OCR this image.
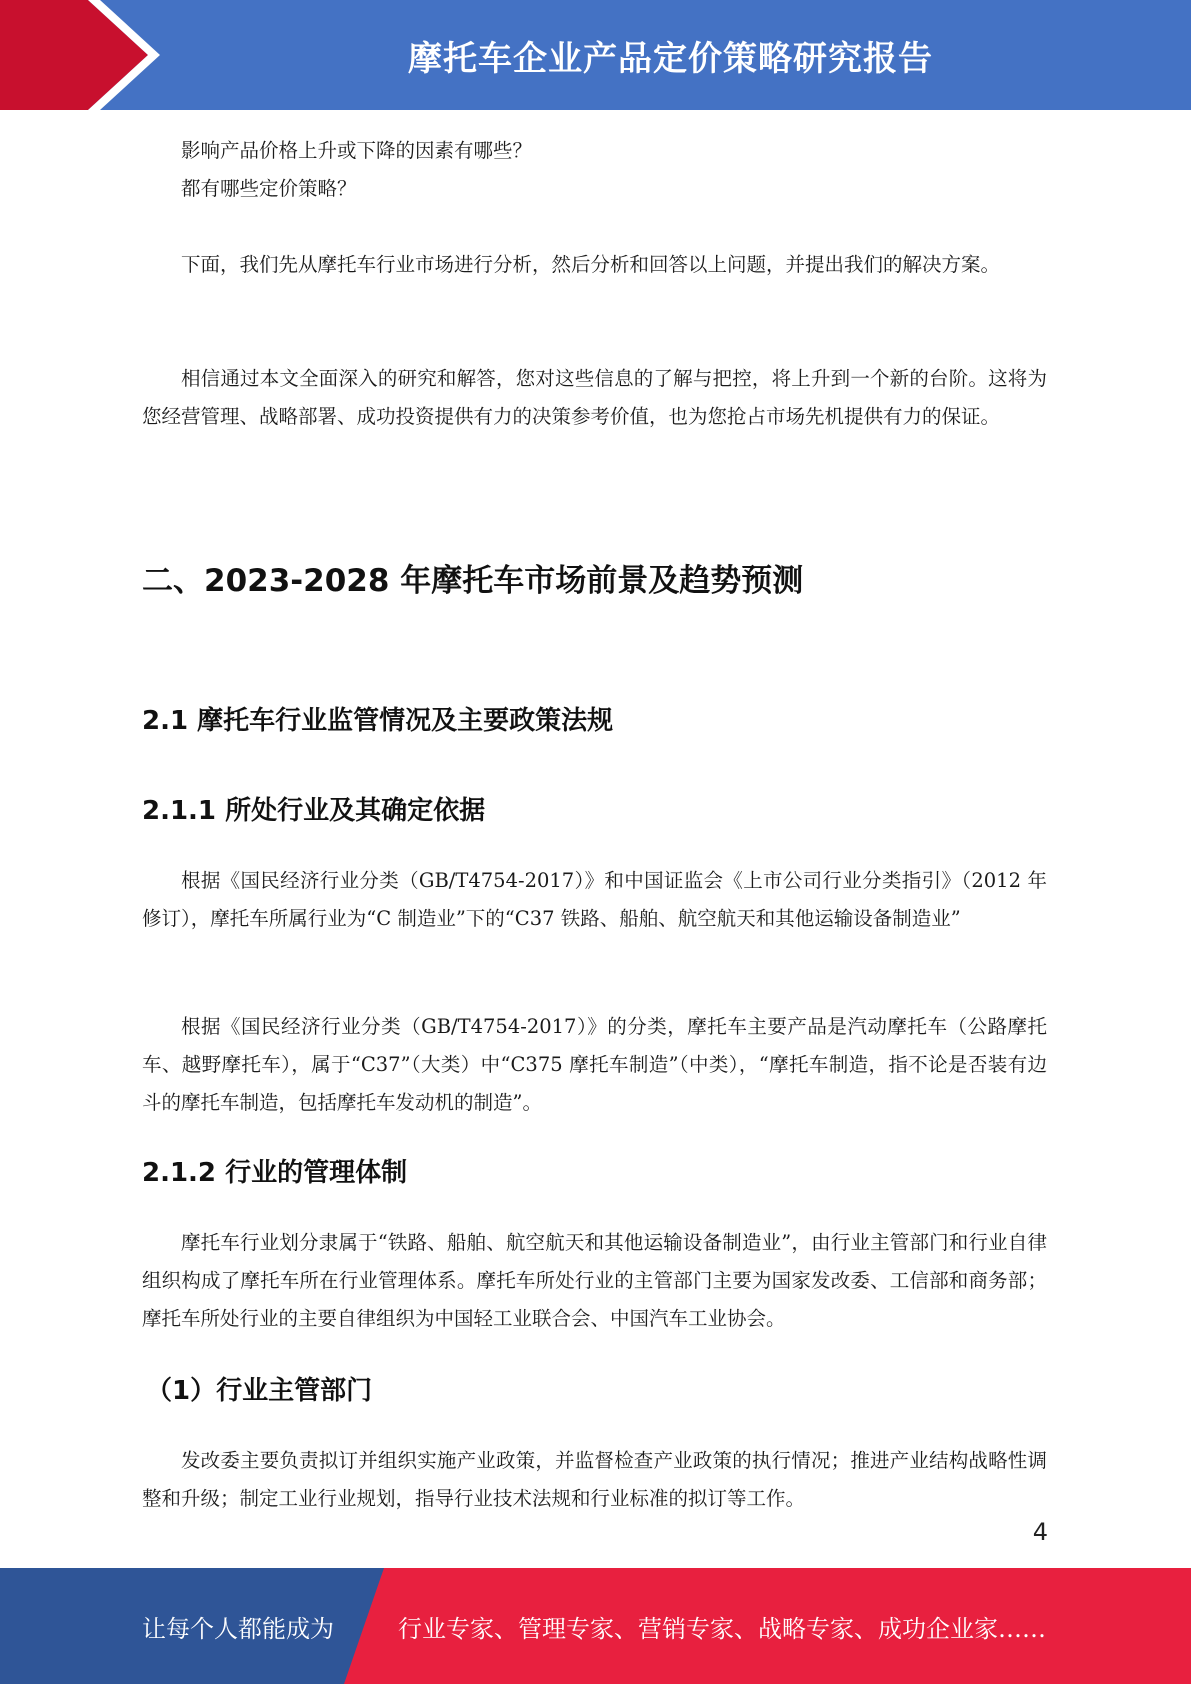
摩托车企业产品定价策略研究报告

影响产品价格上升或下降的因素有哪些？

都有哪些定价策略？

下面，我们先从摩托车行业市场进行分析，然后分析和回答以上问题，并提出我们的解决方案。

相信通过本文全面深入的研究和解答，您对这些信息的了解与把控，将上升到一个新的台阶。这将为您经营管理、战略部署、成功投资提供有力的决策参考价值，也为您抢占市场先机提供有力的保证。

二、2023-2028 年摩托车市场前景及趋势预测
2.1 摩托车行业监管情况及主要政策法规
2.1.1 所处行业及其确定依据

根据《国民经济行业分类（GB/T4754-2017）》和中国证监会《上市公司行业分类指引》（2012 年修订），摩托车所属行业为“C 制造业”下的“C37 铁路、船舶、航空航天和其他运输设备制造业”

根据《国民经济行业分类（GB/T4754-2017）》的分类，摩托车主要产品是汽动摩托车（公路摩托车、越野摩托车），属于“C37”（大类）中“C375 摩托车制造”（中类），“摩托车制造，指不论是否装有边斗的摩托车制造，包括摩托车发动机的制造”。

2.1.2 行业的管理体制

摩托车行业划分隶属于“铁路、船舶、航空航天和其他运输设备制造业”，由行业主管部门和行业自律组织构成了摩托车所在行业管理体系。摩托车所处行业的主管部门主要为国家发改委、工信部和商务部；摩托车所处行业的主要自律组织为中国轻工业联合会、中国汽车工业协会。

（1）行业主管部门

发改委主要负责拟订并组织实施产业政策，并监督检查产业政策的执行情况；推进产业结构战略性调整和升级；制定工业行业规划，指导行业技术法规和行业标准的拟订等工作。

4
让每个人都能成为	行业专家、管理专家、营销专家、战略专家、成功企业家……
